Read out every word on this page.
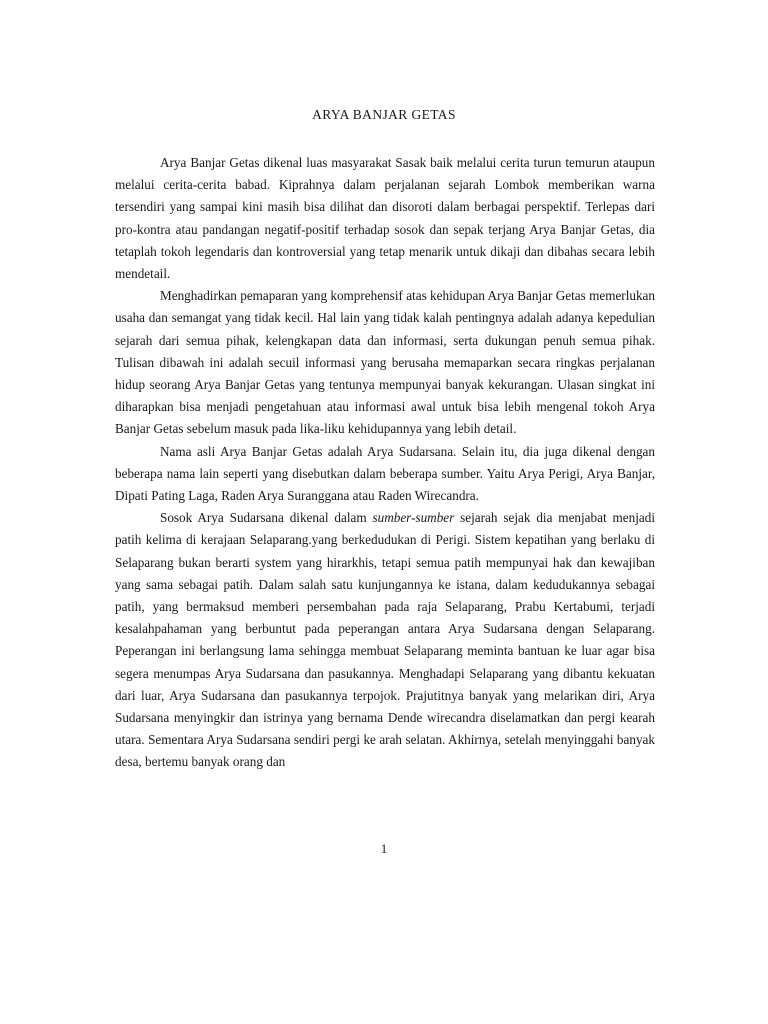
ARYA BANJAR GETAS

Arya Banjar Getas dikenal luas masyarakat Sasak baik melalui cerita turun temurun ataupun melalui cerita-cerita babad. Kiprahnya dalam perjalanan sejarah Lombok memberikan warna tersendiri yang sampai kini masih bisa dilihat dan disoroti dalam berbagai perspektif. Terlepas dari pro-kontra atau pandangan negatif-positif terhadap sosok dan sepak terjang Arya Banjar Getas, dia tetaplah tokoh legendaris dan kontroversial yang tetap menarik untuk dikaji dan dibahas secara lebih mendetail.

Menghadirkan pemaparan yang komprehensif atas kehidupan Arya Banjar Getas memerlukan usaha dan semangat yang tidak kecil. Hal lain yang tidak kalah pentingnya adalah adanya kepedulian sejarah dari semua pihak, kelengkapan data dan informasi, serta dukungan penuh semua pihak. Tulisan dibawah ini adalah secuil informasi yang berusaha memaparkan secara ringkas perjalanan hidup seorang Arya Banjar Getas yang tentunya mempunyai banyak kekurangan. Ulasan singkat ini diharapkan bisa menjadi pengetahuan atau informasi awal untuk bisa lebih mengenal tokoh Arya Banjar Getas sebelum masuk pada lika-liku kehidupannya yang lebih detail.

Nama asli Arya Banjar Getas adalah Arya Sudarsana. Selain itu, dia juga dikenal dengan beberapa nama lain seperti yang disebutkan dalam beberapa sumber. Yaitu Arya Perigi, Arya Banjar, Dipati Pating Laga, Raden Arya Suranggana atau Raden Wirecandra.

Sosok Arya Sudarsana dikenal dalam sumber-sumber sejarah sejak dia menjabat menjadi patih kelima di kerajaan Selaparang.yang berkedudukan di Perigi. Sistem kepatihan yang berlaku di Selaparang bukan berarti system yang hirarkhis, tetapi semua patih mempunyai hak dan kewajiban yang sama sebagai patih. Dalam salah satu kunjungannya ke istana, dalam kedudukannya sebagai patih, yang bermaksud memberi persembahan pada raja Selaparang, Prabu Kertabumi, terjadi kesalahpahaman yang berbuntut pada peperangan antara Arya Sudarsana dengan Selaparang. Peperangan ini berlangsung lama sehingga membuat Selaparang meminta bantuan ke luar agar bisa segera menumpas Arya Sudarsana dan pasukannya. Menghadapi Selaparang yang dibantu kekuatan dari luar, Arya Sudarsana dan pasukannya terpojok. Prajutitnya banyak yang melarikan diri, Arya Sudarsana menyingkir dan istrinya yang bernama Dende wirecandra diselamatkan dan pergi kearah utara. Sementara Arya Sudarsana sendiri pergi ke arah selatan. Akhirnya, setelah menyinggahi banyak desa, bertemu banyak orang dan

1
